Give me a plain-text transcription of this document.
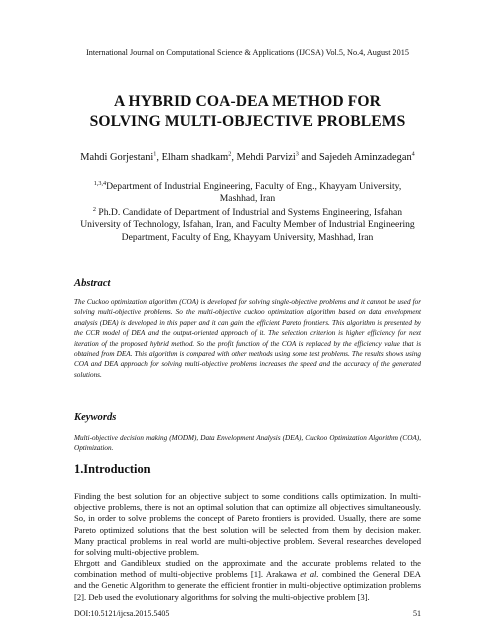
International Journal on Computational Science & Applications (IJCSA) Vol.5, No.4, August 2015
A HYBRID COA-DEA METHOD FOR
SOLVING MULTI-OBJECTIVE PROBLEMS
Mahdi Gorjestani$^1$, Elham shadkam$^2$, Mehdi Parvizi$^3$ and Sajedeh Aminzadegan$^4$
$^{1,3,4}$Department of Industrial Engineering, Faculty of Eng., Khayyam University, Mashhad, Iran
$^2$ Ph.D. Candidate of Department of Industrial and Systems Engineering, Isfahan University of Technology, Isfahan, Iran, and Faculty Member of Industrial Engineering Department, Faculty of Eng, Khayyam University, Mashhad, Iran
Abstract
The Cuckoo optimization algorithm (COA) is developed for solving single-objective problems and it cannot be used for solving multi-objective problems. So the multi-objective cuckoo optimization algorithm based on data envelopment analysis (DEA) is developed in this paper and it can gain the efficient Pareto frontiers. This algorithm is presented by the CCR model of DEA and the output-oriented approach of it. The selection criterion is higher efficiency for next iteration of the proposed hybrid method. So the profit function of the COA is replaced by the efficiency value that is obtained from DEA. This algorithm is compared with other methods using some test problems. The results shows using COA and DEA approach for solving multi-objective problems increases the speed and the accuracy of the generated solutions.
Keywords
Multi-objective decision making (MODM), Data Envelopment Analysis (DEA), Cuckoo Optimization Algorithm (COA), Optimization.
1.Introduction
Finding the best solution for an objective subject to some conditions calls optimization. In multi-objective problems, there is not an optimal solution that can optimize all objectives simultaneously. So, in order to solve problems the concept of Pareto frontiers is provided. Usually, there are some Pareto optimized solutions that the best solution will be selected from them by decision maker. Many practical problems in real world are multi-objective problem. Several researches developed for solving multi-objective problem.
Ehrgott and Gandibleux studied on the approximate and the accurate problems related to the combination method of multi-objective problems [1]. Arakawa et al. combined the General DEA and the Genetic Algorithm to generate the efficient frontier in multi-objective optimization problems [2]. Deb used the evolutionary algorithms for solving the multi-objective problem [3].
DOI:10.5121/ijcsa.2015.5405	51
